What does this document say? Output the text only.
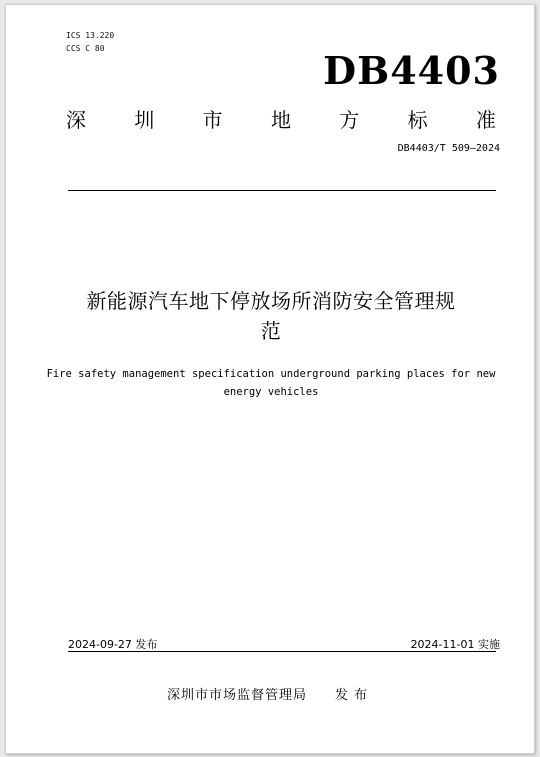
ICS 13.220
CCS C 80	DB4403
深 圳 市 地 方 标 准
DB4403/T 509—2024
新能源汽车地下停放场所消防安全管理规
范
Fire safety management specification underground parking places for new
energy vehicles
2024-09-27 发布	2024-11-01 实施
深圳市市场监督管理局 发布
